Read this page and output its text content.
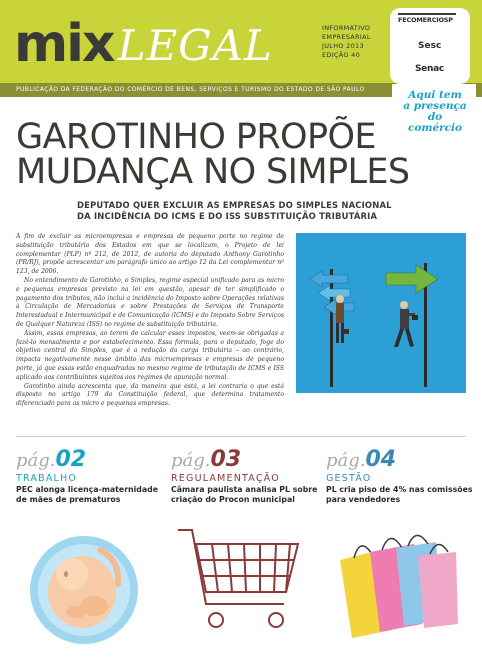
mix LEGAL	INFORMATIVO
EMPRESARIAL
JULHO 2013
EDIÇÃO 40
PUBLICAÇÃO DA FEDERAÇÃO DO COMÉRCIO DE BENS, SERVIÇOS E TURISMO DO ESTADO DE SÃO PAULO
FECOMERCIOSP
Sesc
Senac
Aqui tem
a presença
do comércio
GAROTINHO PROPÕE
MUDANÇA NO SIMPLES
DEPUTADO QUER EXCLUIR AS EMPRESAS DO SIMPLES NACIONAL DA INCIDÊNCIA DO ICMS E DO ISS SUBSTITUIÇÃO TRIBUTÁRIA

A fim de excluir as microempresas e empresas de pequeno porte no regime de substituição tributária dos Estados em que se localizam, o Projeto de lei complementar (PLP) nº 212, de 2012, de autoria do deputado Anthony Garotinho (PR/RJ), propõe acrescentar um parágrafo único ao artigo 12 da Lei complementar nº 123, de 2006.

No entendimento de Garotinho, o Simples, regime especial unificado para as micro e pequenas empresas previsto na lei em questão, apesar de ter simplificado o pagamento dos tributos, não inclui a incidência do Imposto sobre Operações relativas à Circulação de Mercadorias e sobre Prestações de Serviços de Transporte Interestadual e Intermunicipal e de Comunicação (ICMS) e do Imposto Sobre Serviços de Qualquer Natureza (ISS) no regime de substituição tributária.

Assim, essas empresas, ao terem de calcular esses impostos, veem-se obrigadas a fazê-lo mensalmente e por estabelecimento. Essa fórmula, para o deputado, foge do objetivo central do Simples, que é a redução da carga tributária – ao contrário, impacta negativamente nesse âmbito das microempresas e empresas de pequeno porte, já que essas estão enquadradas no mesmo regime de tributação de ICMS e ISS aplicado aos contribuintes sujeitos aos regimes de apuração normal.

Garotinho ainda acrescenta que, da maneira que está, a lei contraria o que está disposto no artigo 179 da Constituição federal, que determina tratamento diferenciado para as micro e pequenas empresas.

pág.02
TRABALHO
PEC alonga licença-maternidade de mães de prematuros
pág.03
REGULAMENTAÇÃO
Câmara paulista analisa PL sobre criação do Procon municipal
pág.04
GESTÃO
PL cria piso de 4% nas comissões para vendedores
